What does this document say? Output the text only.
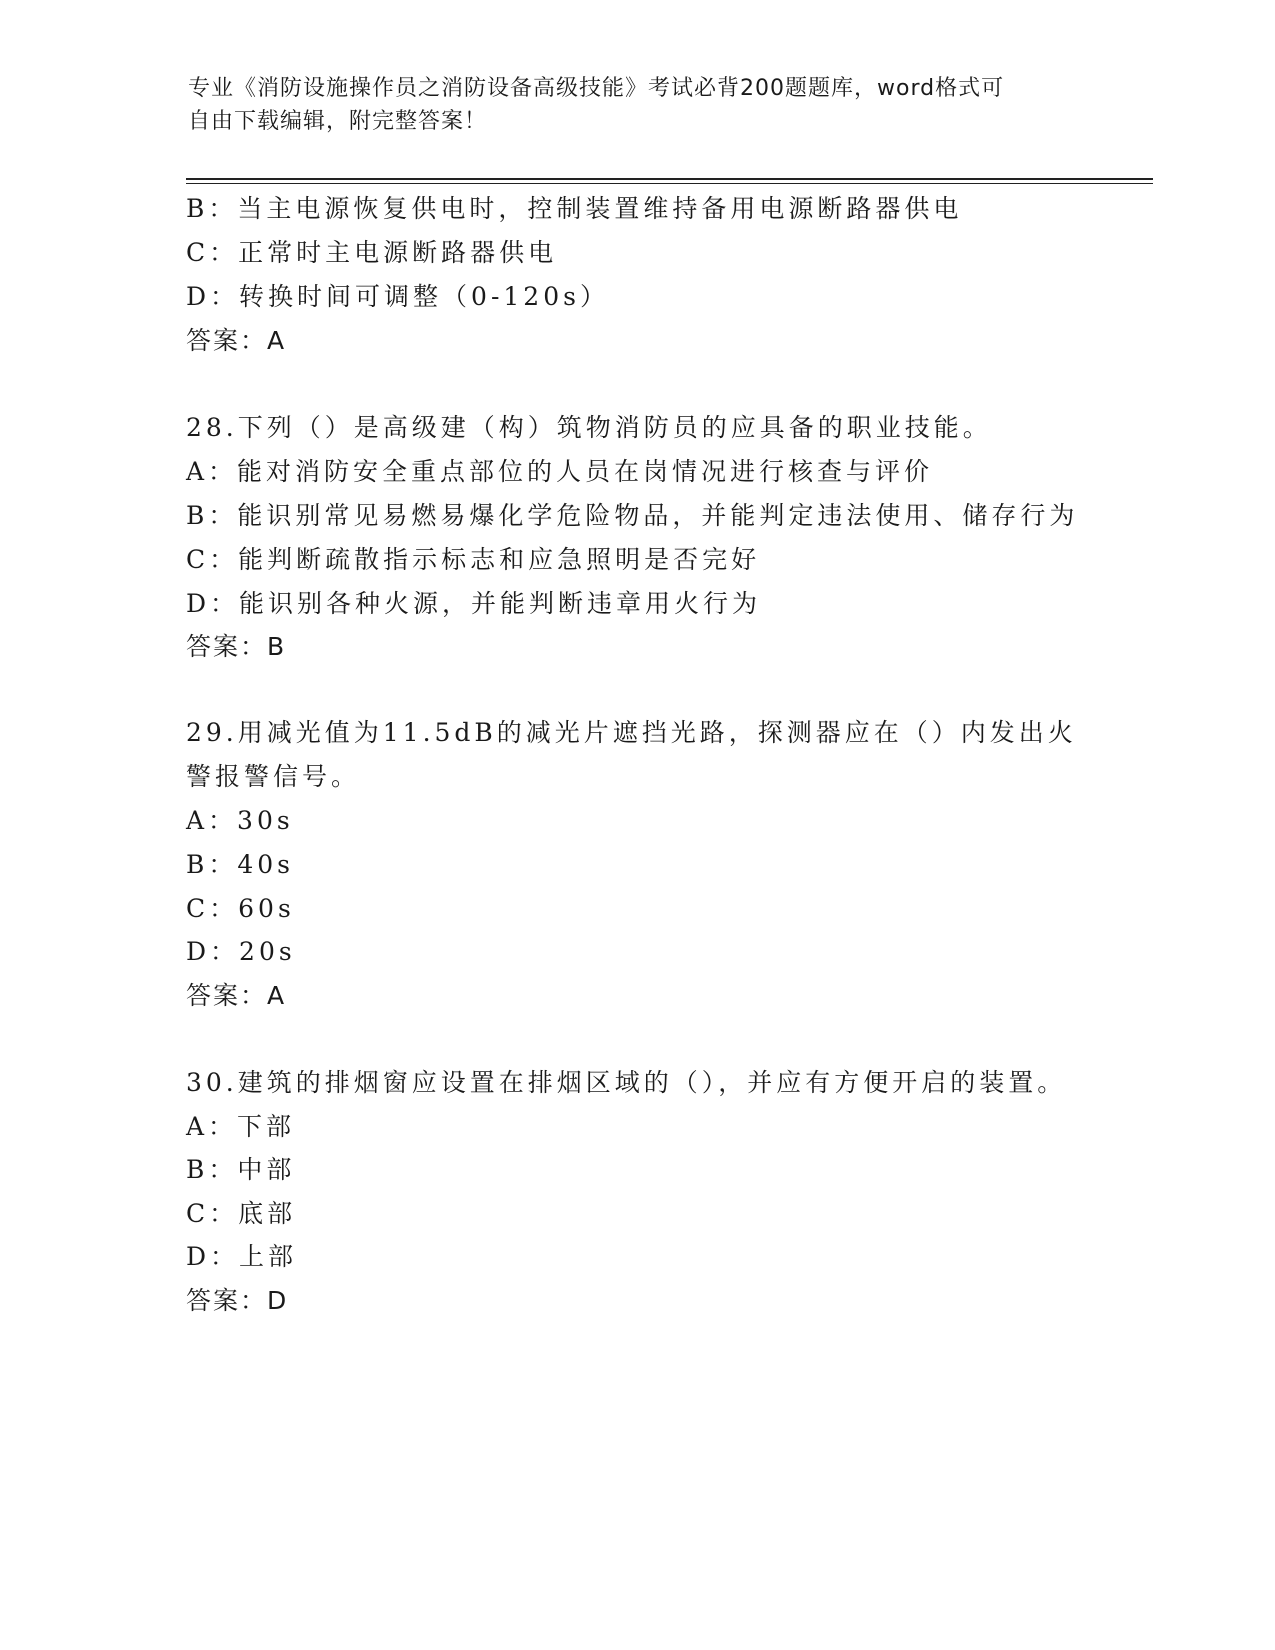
专业《消防设施操作员之消防设备高级技能》考试必背200题题库，word格式可
自由下载编辑，附完整答案！
B：当主电源恢复供电时，控制装置维持备用电源断路器供电
C：正常时主电源断路器供电
D：转换时间可调整（0-120s）
答案：A
28.下列（）是高级建（构）筑物消防员的应具备的职业技能。
A：能对消防安全重点部位的人员在岗情况进行核查与评价
B：能识别常见易燃易爆化学危险物品，并能判定违法使用、储存行为
C：能判断疏散指示标志和应急照明是否完好
D：能识别各种火源，并能判断违章用火行为
答案：B
29.用减光值为11.5dB的减光片遮挡光路，探测器应在（）内发出火
警报警信号。
A：30s
B：40s
C：60s
D：20s
答案：A
30.建筑的排烟窗应设置在排烟区域的（），并应有方便开启的装置。
A：下部
B：中部
C：底部
D：上部
答案：D
